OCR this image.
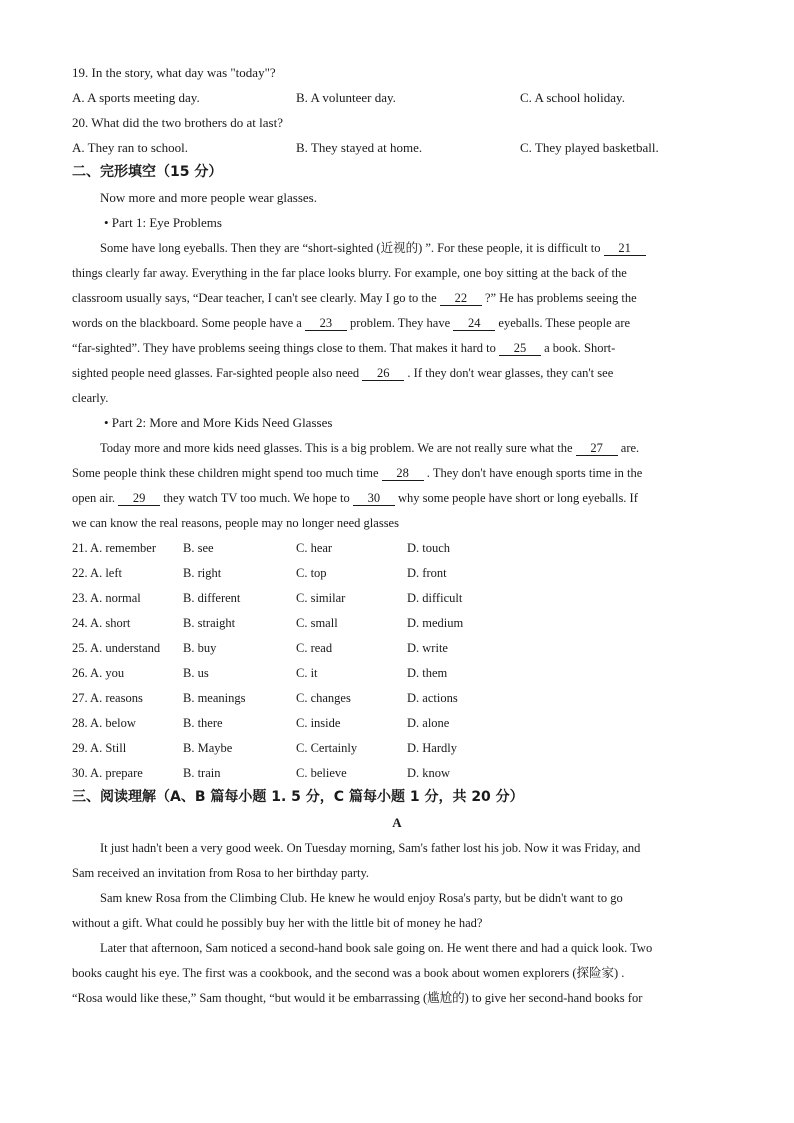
19. In the story, what day was "today"?
A. A sports meeting day.	B. A volunteer day.	C. A school holiday.
20. What did the two brothers do at last?
A. They ran to school.	B. They stayed at home.	C. They played basketball.
二、完形填空（15 分）
Now more and more people wear glasses.
• Part 1: Eye Problems
Some have long eyeballs. Then they are “short-sighted (近视的) ”. For these people, it is difficult to 21
things clearly far away. Everything in the far place looks blurry. For example, one boy sitting at the back of the
classroom usually says, “Dear teacher, I can't see clearly. May I go to the 22 ?” He has problems seeing the
words on the blackboard. Some people have a 23 problem. They have 24 eyeballs. These people are
“far-sighted”. They have problems seeing things close to them. That makes it hard to 25 a book. Short-
sighted people need glasses. Far-sighted people also need 26 . If they don't wear glasses, they can't see
clearly.
• Part 2: More and More Kids Need Glasses
Today more and more kids need glasses. This is a big problem. We are not really sure what the 27 are.
Some people think these children might spend too much time 28 . They don't have enough sports time in the
open air. 29 they watch TV too much. We hope to 30 why some people have short or long eyeballs. If
we can know the real reasons, people may no longer need glasses
21. A. remember B. see	C. hear	D. touch
22. A. left	B. right	C. top	D. front
23. A. normal	B. different	C. similar	D. difficult
24. A. short	B. straight	C. small	D. medium
25. A. understand B. buy	C. read	D. write
26. A. you	B. us	C. it	D. them
27. A. reasons	B. meanings	C. changes	D. actions
28. A. below	B. there	C. inside	D. alone
29. A. Still	B. Maybe	C. Certainly	D. Hardly
30. A. prepare	B. train	C. believe	D. know
三、阅读理解（A、B 篇每小题 1. 5 分，C 篇每小题 1 分，共 20 分）
A
It just hadn't been a very good week. On Tuesday morning, Sam's father lost his job. Now it was Friday, and
Sam received an invitation from Rosa to her birthday party.
Sam knew Rosa from the Climbing Club. He knew he would enjoy Rosa's party, but be didn't want to go
without a gift. What could he possibly buy her with the little bit of money he had?
Later that afternoon, Sam noticed a second-hand book sale going on. He went there and had a quick look. Two
books caught his eye. The first was a cookbook, and the second was a book about women explorers (探险家) .
“Rosa would like these,” Sam thought, “but would it be embarrassing (尴尬的) to give her second-hand books for
